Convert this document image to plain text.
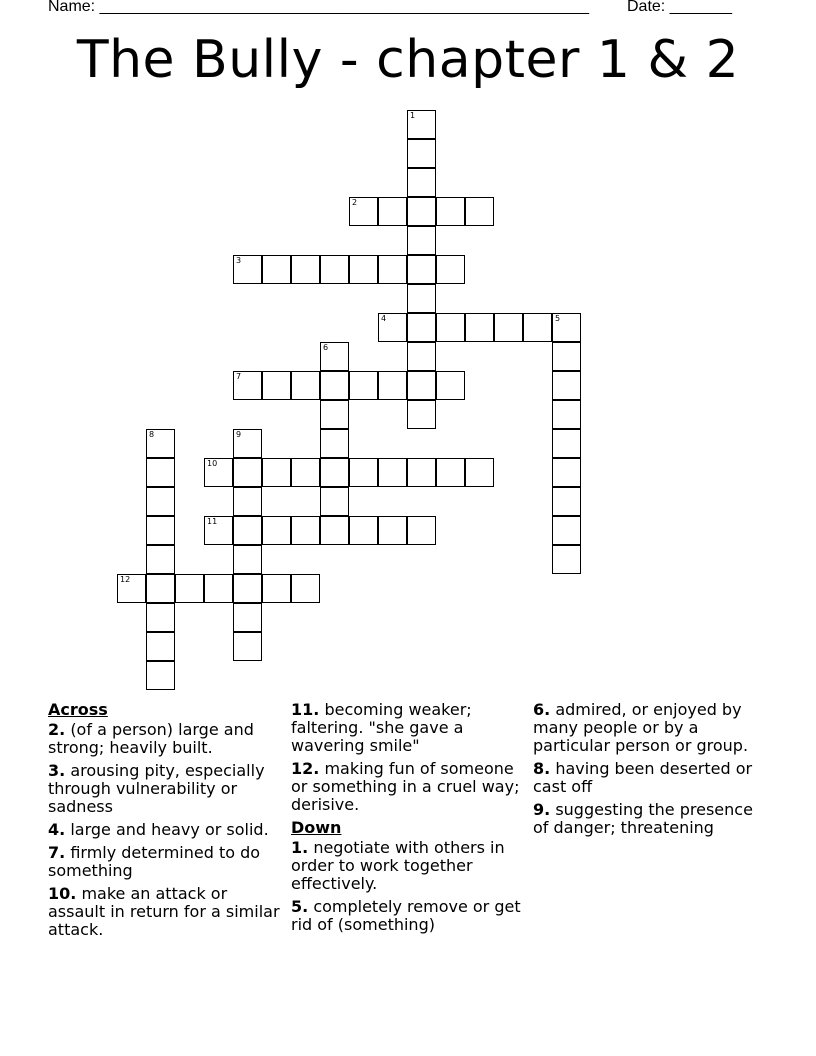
Name: _______________________________________________________ Date: _______
The Bully - chapter 1 & 2
1
2
3
4	5
6
7
8	9
10
11
12
Across
2. (of a person) large and strong; heavily built.
3. arousing pity, especially through vulnerability or sadness
4. large and heavy or solid.
7. firmly determined to do something
10. make an attack or assault in return for a similar attack.
11. becoming weaker; faltering. "she gave a wavering smile"
12. making fun of someone or something in a cruel way; derisive.
Down
1. negotiate with others in order to work together effectively.
5. completely remove or get rid of (something)
6. admired, or enjoyed by many people or by a particular person or group.
8. having been deserted or cast off
9. suggesting the presence of danger; threatening
